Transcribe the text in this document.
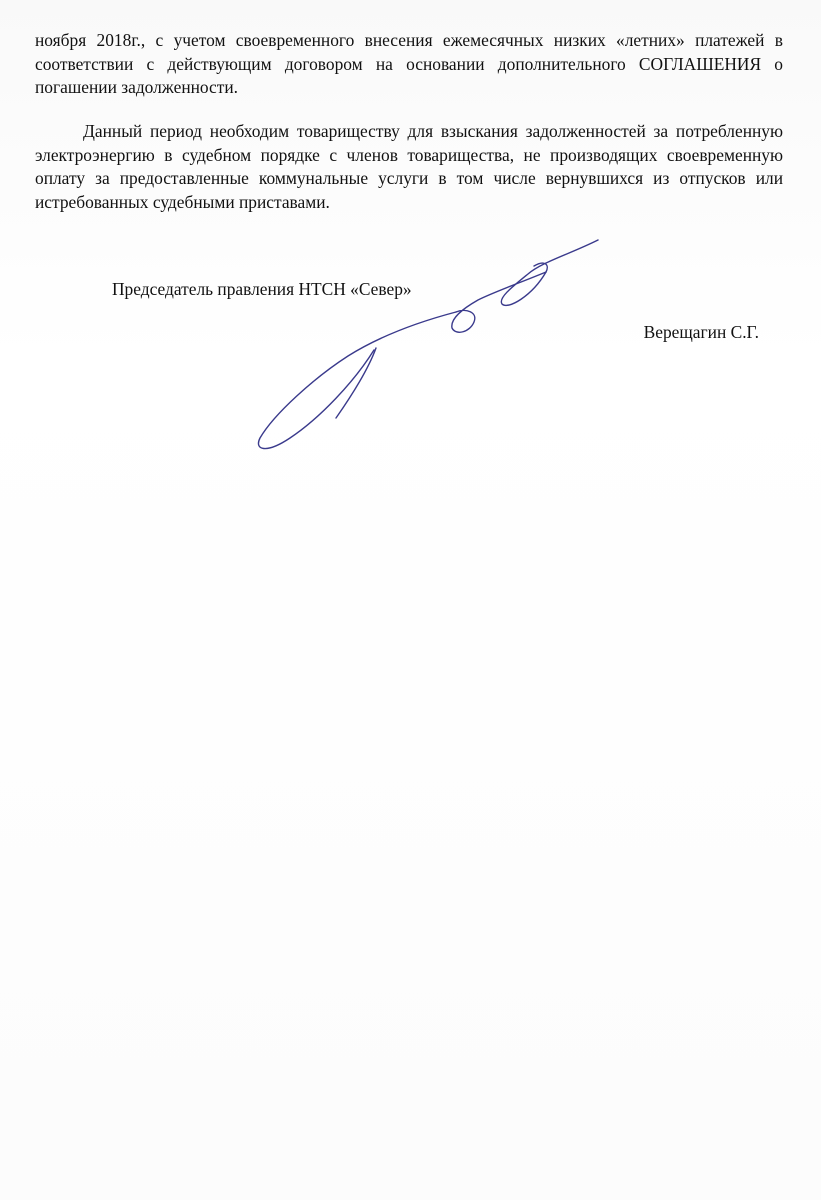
ноября 2018г., с учетом своевременного внесения ежемесячных низких «летних» платежей в соответствии с действующим договором на основании дополнительного СОГЛАШЕНИЯ о погашении задолженности.

Данный период необходим товариществу для взыскания задолженностей за потребленную электроэнергию в судебном порядке с членов товарищества, не производящих своевременную оплату за предоставленные коммунальные услуги в том числе вернувшихся из отпусков или истребованных судебными приставами.

Председатель правления НТСН «Север»
Верещагин С.Г.
